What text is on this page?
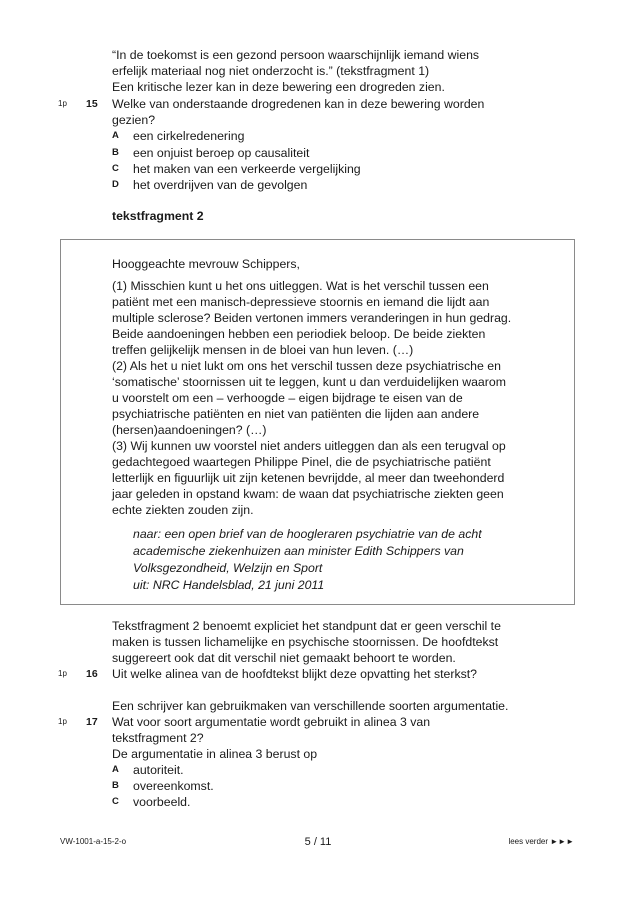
“In de toekomst is een gezond persoon waarschijnlijk iemand wiens
erfelijk materiaal nog niet onderzocht is.” (tekstfragment 1)
Een kritische lezer kan in deze bewering een drogreden zien.
1p 15 Welke van onderstaande drogredenen kan in deze bewering worden
gezien?
A een cirkelredenering
B een onjuist beroep op causaliteit
C het maken van een verkeerde vergelijking
D het overdrijven van de gevolgen
tekstfragment 2
Hooggeachte mevrouw Schippers,
(1) Misschien kunt u het ons uitleggen. Wat is het verschil tussen een
patiënt met een manisch-depressieve stoornis en iemand die lijdt aan
multiple sclerose? Beiden vertonen immers veranderingen in hun gedrag.
Beide aandoeningen hebben een periodiek beloop. De beide ziekten
treffen gelijkelijk mensen in de bloei van hun leven. (…)
(2) Als het u niet lukt om ons het verschil tussen deze psychiatrische en
‘somatische’ stoornissen uit te leggen, kunt u dan verduidelijken waarom
u voorstelt om een – verhoogde – eigen bijdrage te eisen van de
psychiatrische patiënten en niet van patiënten die lijden aan andere
(hersen)aandoeningen? (…)
(3) Wij kunnen uw voorstel niet anders uitleggen dan als een terugval op
gedachtegoed waartegen Philippe Pinel, die de psychiatrische patiënt
letterlijk en figuurlijk uit zijn ketenen bevrijdde, al meer dan tweehonderd
jaar geleden in opstand kwam: de waan dat psychiatrische ziekten geen
echte ziekten zouden zijn.
naar: een open brief van de hoogleraren psychiatrie van de acht
academische ziekenhuizen aan minister Edith Schippers van
Volksgezondheid, Welzijn en Sport
uit: NRC Handelsblad, 21 juni 2011
Tekstfragment 2 benoemt expliciet het standpunt dat er geen verschil te
maken is tussen lichamelijke en psychische stoornissen. De hoofdtekst
suggereert ook dat dit verschil niet gemaakt behoort te worden.
1p 16 Uit welke alinea van de hoofdtekst blijkt deze opvatting het sterkst?
Een schrijver kan gebruikmaken van verschillende soorten argumentatie.
1p 17 Wat voor soort argumentatie wordt gebruikt in alinea 3 van
tekstfragment 2?
De argumentatie in alinea 3 berust op
A autoriteit.
B overeenkomst.
C voorbeeld.
VW-1001-a-15-2-o	5 / 11	lees verder ►►►
